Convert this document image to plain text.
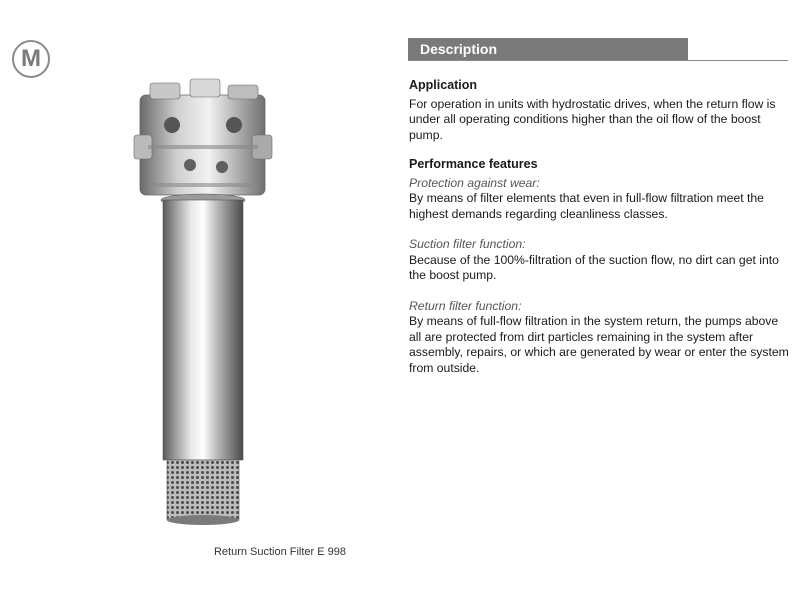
M
Return Suction Filter E 998
Description
Application

For operation in units with hydrostatic drives, when the return flow is under all operating conditions higher than the oil flow of the boost pump.

Performance features

Protection against wear:

By means of filter elements that even in full-flow filtration meet the highest demands regarding cleanliness classes.

Suction filter function:

Because of the 100%-filtration of the suction flow, no dirt can get into the boost pump.

Return filter function:

By means of full-flow filtration in the system return, the pumps above all are protected from dirt particles remaining in the system after assembly, repairs, or which are generated by wear or enter the system from outside.
